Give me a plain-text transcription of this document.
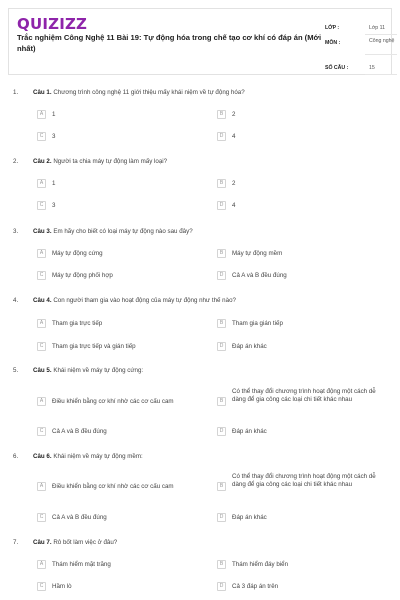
QUIZIZZ
Trắc nghiệm Công Nghệ 11 Bài 19: Tự động hóa trong chế tạo cơ khí có đáp án (Mới nhất)
LỚP :	Lớp 11
MÔN :	Công nghệ
SỐ CÂU :	15
1. Câu 1. Chương trình công nghệ 11 giới thiệu mấy khái niệm về tự động hóa?
A	1	B	2
C	3	D	4
2. Câu 2. Người ta chia máy tự động làm mấy loại?
A	1	B	2
C	3	D	4
3. Câu 3. Em hãy cho biết có loại máy tự động nào sau đây?
A	Máy tự động cứng	B	Máy tự động mềm
C	Máy tự động phối hợp	D	Cả A và B đều đúng
4. Câu 4. Con người tham gia vào hoạt động của máy tự động như thế nào?
A	Tham gia trực tiếp	B	Tham gia gián tiếp
C	Tham gia trực tiếp và gián tiếp	D	Đáp án khác
5. Câu 5. Khái niệm về máy tự động cứng:
A	Điều khiển bằng cơ khí nhờ các cơ cấu cam	B
Có thể thay đổi chương trình hoạt động một cách dễ dàng để gia công các loại chi tiết khác nhau
C	Cả A và B đều đúng	D	Đáp án khác
6. Câu 6. Khái niệm về máy tự động mềm:
A	Điều khiển bằng cơ khí nhờ các cơ cấu cam	B
Có thể thay đổi chương trình hoạt động một cách dễ dàng để gia công các loại chi tiết khác nhau
C	Cả A và B đều đúng	D	Đáp án khác
7. Câu 7. Rô bốt làm việc ở đâu?
A	Thám hiểm mặt trăng	B	Thám hiểm đáy biển
C	Hầm lò	D	Cả 3 đáp án trên
